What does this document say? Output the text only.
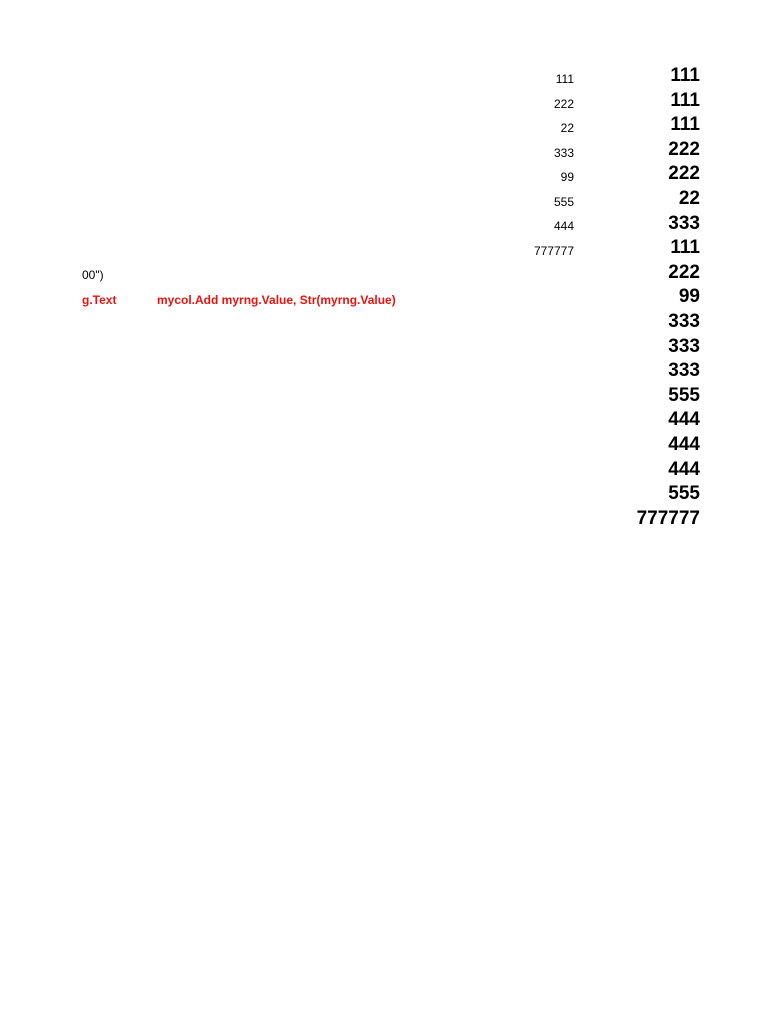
111
222
22
333
99
555
444
777777
111
111
111
222
222
22
333
111
222
99
333
333
333
555
444
444
444
555
777777
00")
g.Text	mycol.Add myrng.Value, Str(myrng.Value)
